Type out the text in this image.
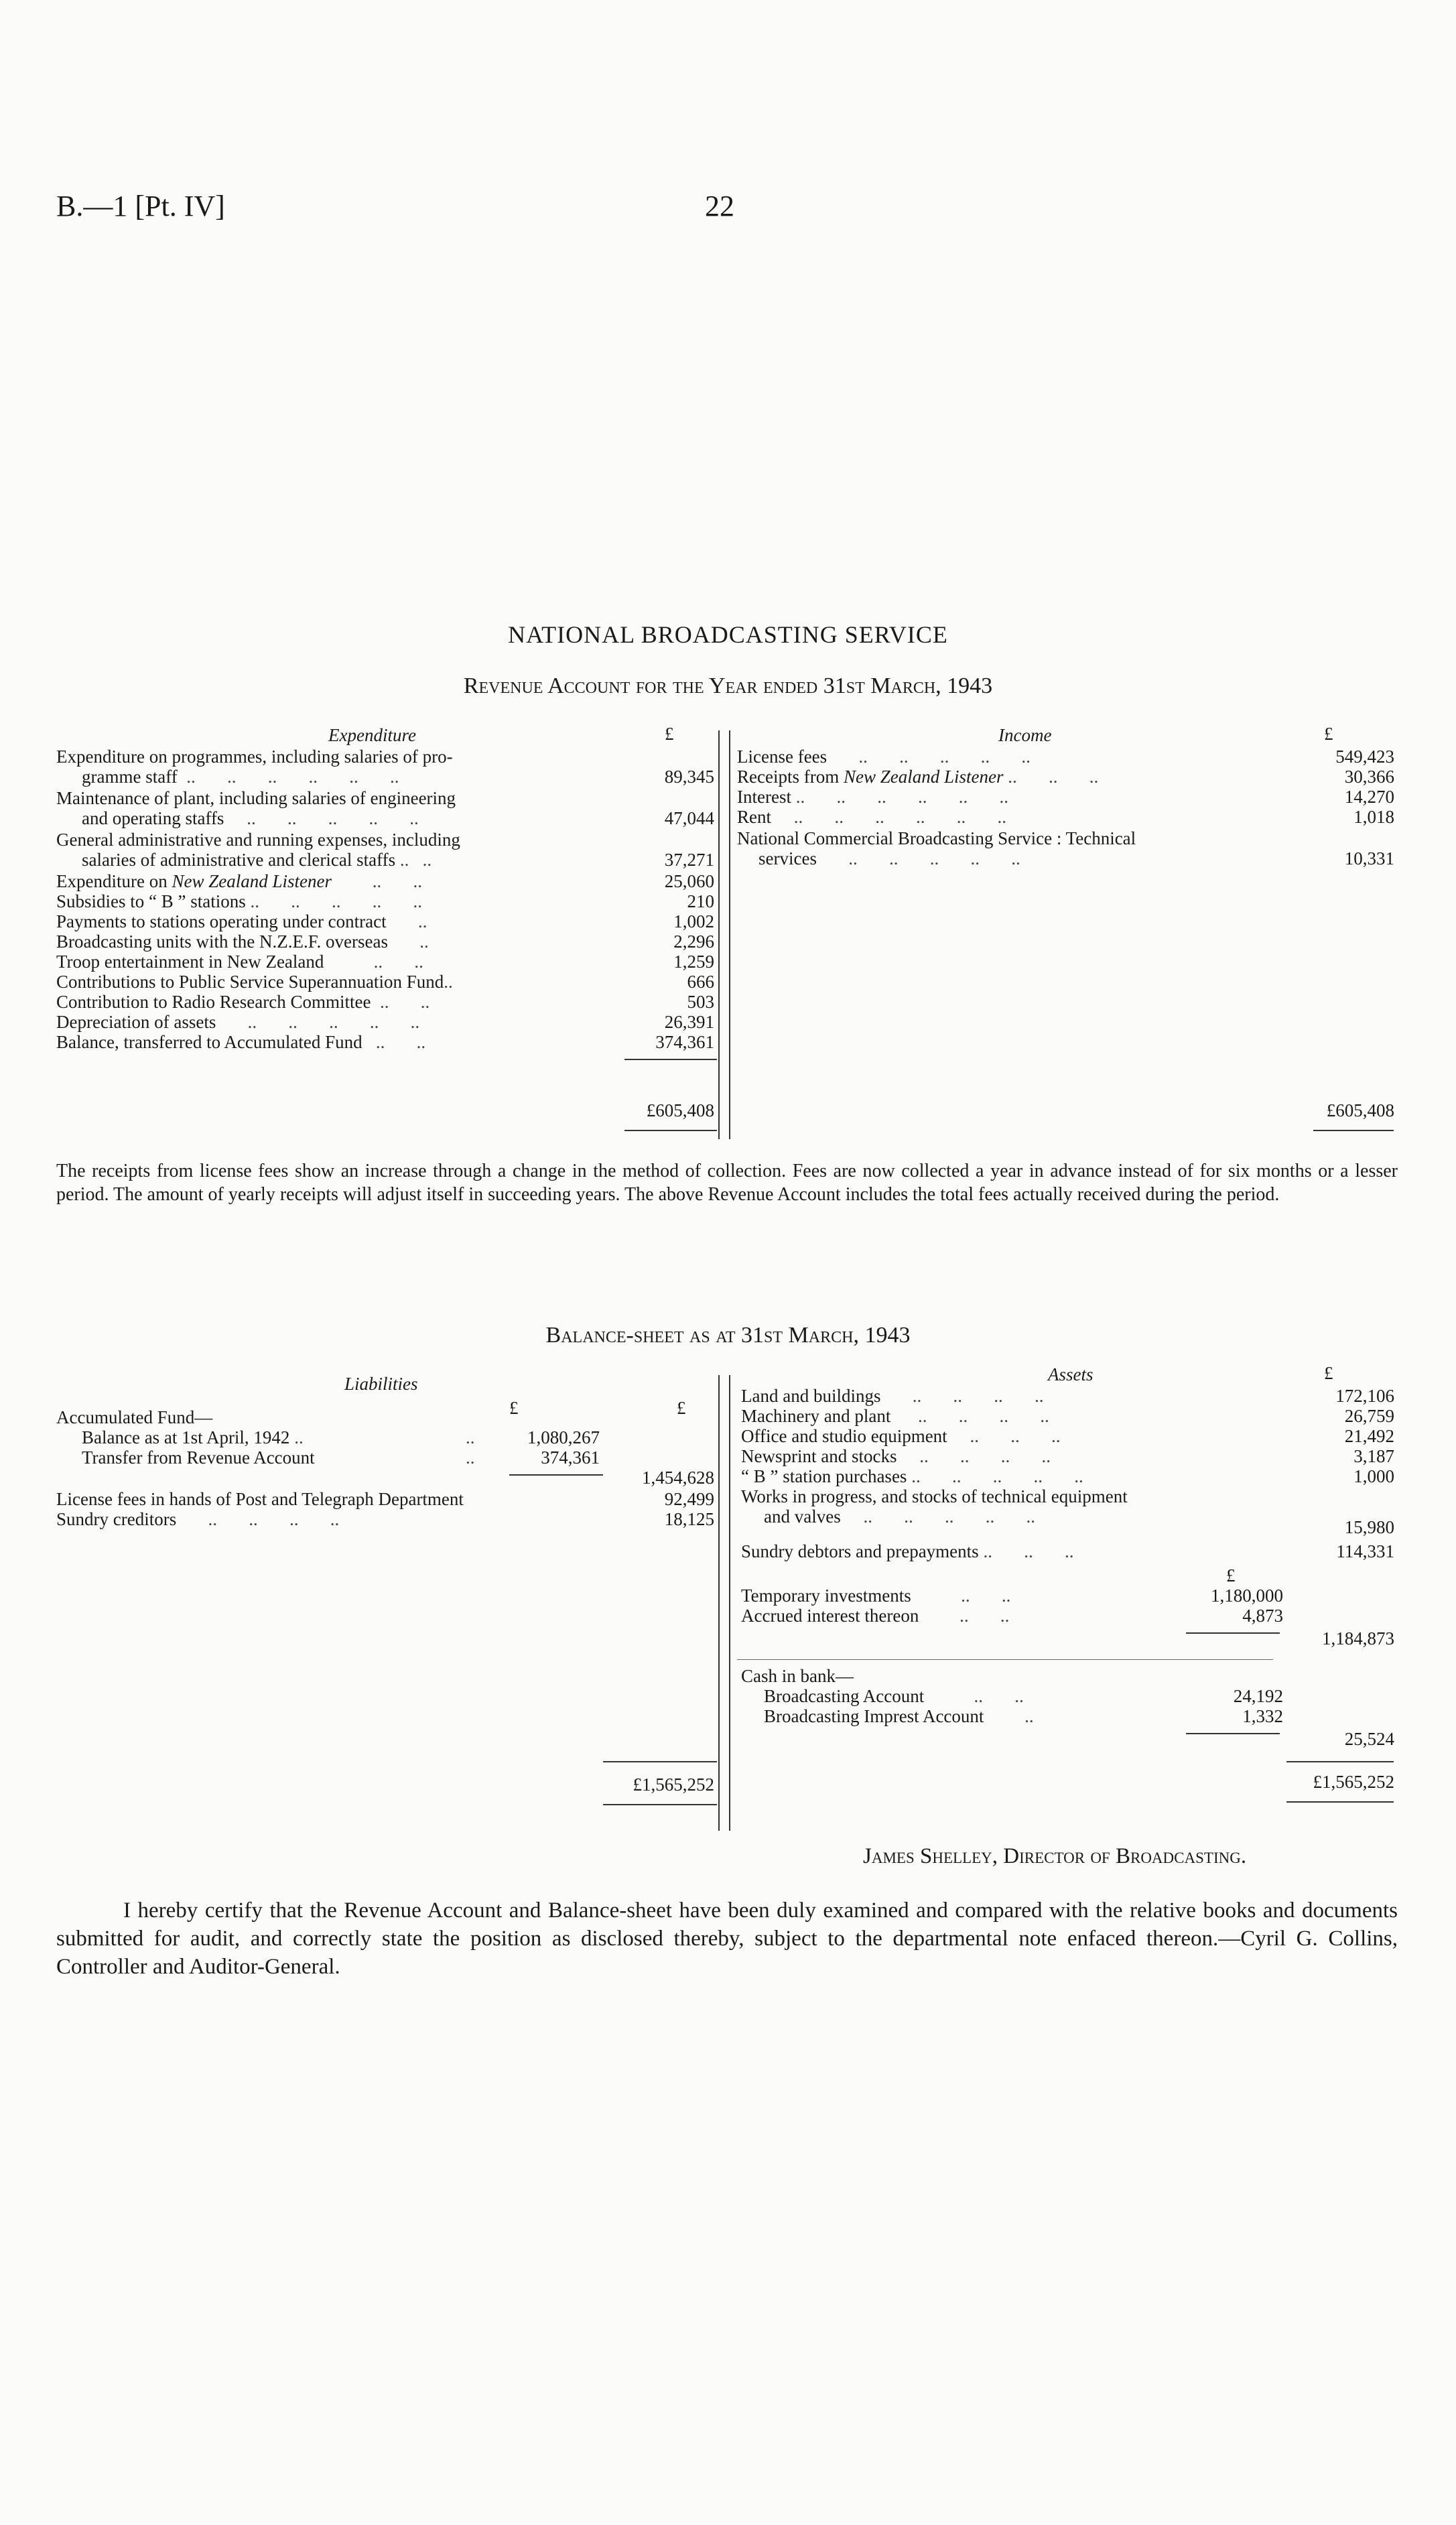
B.—1 [Pt. IV]	22
NATIONAL BROADCASTING SERVICE
Revenue Account for the Year ended 31st March, 1943
Expenditure	£	Income	£
Expenditure on programmes, including salaries of pro-
gramme staff  ..       ..       ..       ..       ..       ..	89,345
Maintenance of plant, including salaries of engineering
and operating staffs     ..       ..       ..       ..       ..	47,044
General administrative and running expenses, including
salaries of administrative and clerical staffs ..   ..	37,271
Expenditure on New Zealand Listener         ..       ..	25,060
Subsidies to “ B ” stations ..       ..       ..       ..       ..	210
Payments to stations operating under contract       ..	1,002
Broadcasting units with the N.Z.E.F. overseas       ..	2,296
Troop entertainment in New Zealand           ..       ..	1,259
Contributions to Public Service Superannuation Fund..	666
Contribution to Radio Research Committee  ..       ..	503
Depreciation of assets       ..       ..       ..       ..       ..	26,391
Balance, transferred to Accumulated Fund   ..       ..	374,361
£605,408
License fees       ..       ..       ..       ..       ..	549,423
Receipts from New Zealand Listener ..       ..       ..	30,366
Interest ..       ..       ..       ..       ..       ..	14,270
Rent     ..       ..       ..       ..       ..       ..	1,018
National Commercial Broadcasting Service : Technical
services       ..       ..       ..       ..       ..	10,331
£605,408
The receipts from license fees show an increase through a change in the method of collection. Fees are now collected a year in advance instead of for six months or a lesser period. The amount of yearly receipts will adjust itself in succeeding years. The above Revenue Account includes the total fees actually received during the period.
Balance-sheet as at 31st March, 1943
Liabilities
£	£
Assets	£
Accumulated Fund—
Balance as at 1st April, 1942 ..	..	1,080,267
Transfer from Revenue Account	..	374,361
1,454,628
License fees in hands of Post and Telegraph Department	92,499
Sundry creditors       ..       ..       ..       ..	18,125
£1,565,252
Land and buildings       ..       ..       ..       ..	172,106
Machinery and plant      ..       ..       ..       ..	26,759
Office and studio equipment     ..       ..       ..	21,492
Newsprint and stocks     ..       ..       ..       ..	3,187
“ B ” station purchases ..       ..       ..       ..       ..	1,000
Works in progress, and stocks of technical equipment
and valves     ..       ..       ..       ..       ..
15,980
Sundry debtors and prepayments ..       ..       ..	114,331
£
Temporary investments           ..       ..	1,180,000
Accrued interest thereon         ..       ..	4,873
1,184,873
Cash in bank—
Broadcasting Account           ..       ..	24,192
Broadcasting Imprest Account         ..	1,332
25,524
£1,565,252
James Shelley, Director of Broadcasting.
I hereby certify that the Revenue Account and Balance-sheet have been duly examined and compared with the relative books and documents submitted for audit, and correctly state the position as disclosed thereby, subject to the departmental note enfaced thereon.—Cyril G. Collins, Controller and Auditor-General.
